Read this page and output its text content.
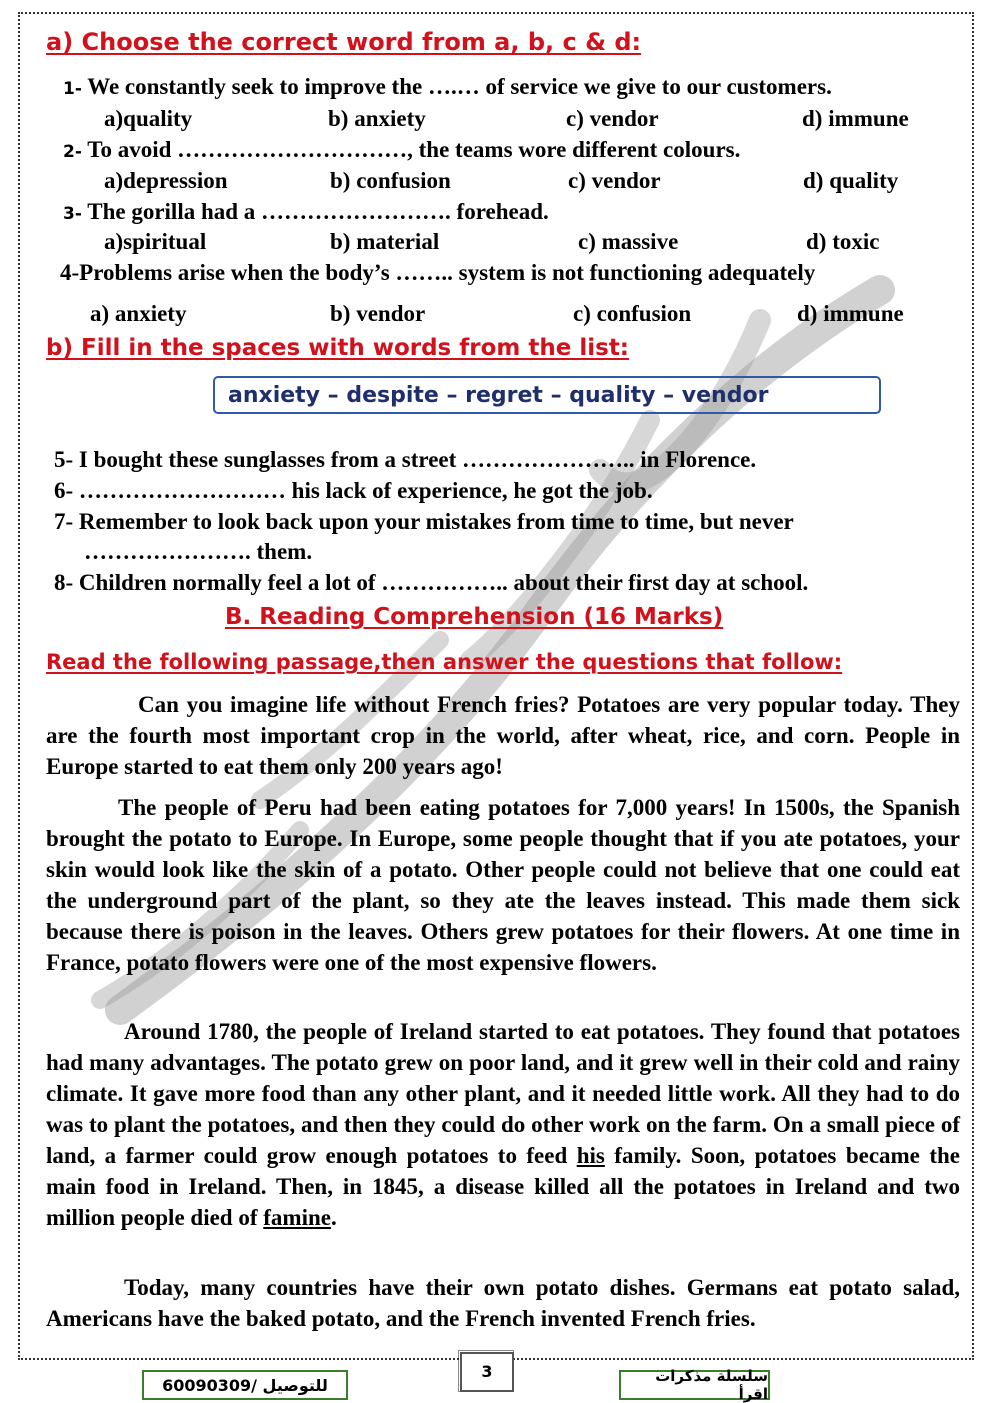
a) Choose the correct word from a, b, c & d:
1- We constantly seek to improve the ….… of service we give to our customers.
a)quality	b) anxiety	c) vendor	d) immune
2- To avoid …………………………, the teams wore different colours.
a)depression	b) confusion	c) vendor	d) quality
3- The gorilla had a ……………………. forehead.
a)spiritual	b) material	c) massive	d) toxic
4-Problems arise when the body’s …….. system is not functioning adequately
a) anxiety	b) vendor	c) confusion	d) immune
b) Fill in the spaces with words from the list:
anxiety – despite – regret – quality – vendor
5- I bought these sunglasses from a street ………………….. in Florence.
6- ……………………… his lack of experience, he got the job.
7- Remember to look back upon your mistakes from time to time, but never
…………………. them.
8- Children normally feel a lot of …………….. about their first day at school.
B. Reading Comprehension (16 Marks)
Read the following passage,then answer the questions that follow:

Can you imagine life without French fries? Potatoes are very popular today. They are the fourth most important crop in the world, after wheat, rice, and corn. People in Europe started to eat them only 200 years ago!

The people of Peru had been eating potatoes for 7,000 years! In 1500s, the Spanish brought the potato to Europe. In Europe, some people thought that if you ate potatoes, your skin would look like the skin of a potato. Other people could not believe that one could eat the underground part of the plant, so they ate the leaves instead. This made them sick because there is poison in the leaves. Others grew potatoes for their flowers. At one time in France, potato flowers were one of the most expensive flowers.

Around 1780, the people of Ireland started to eat potatoes. They found that potatoes had many advantages. The potato grew on poor land, and it grew well in their cold and rainy climate. It gave more food than any other plant, and it needed little work. All they had to do was to plant the potatoes, and then they could do other work on the farm. On a small piece of land, a farmer could grow enough potatoes to feed his family. Soon, potatoes became the main food in Ireland. Then, in 1845, a disease killed all the potatoes in Ireland and two million people died of famine.

Today, many countries have their own potato dishes. Germans eat potato salad, Americans have the baked potato, and the French invented French fries.

60090309/ للتوصيل
3	سلسلة مذكرات اقرأ
